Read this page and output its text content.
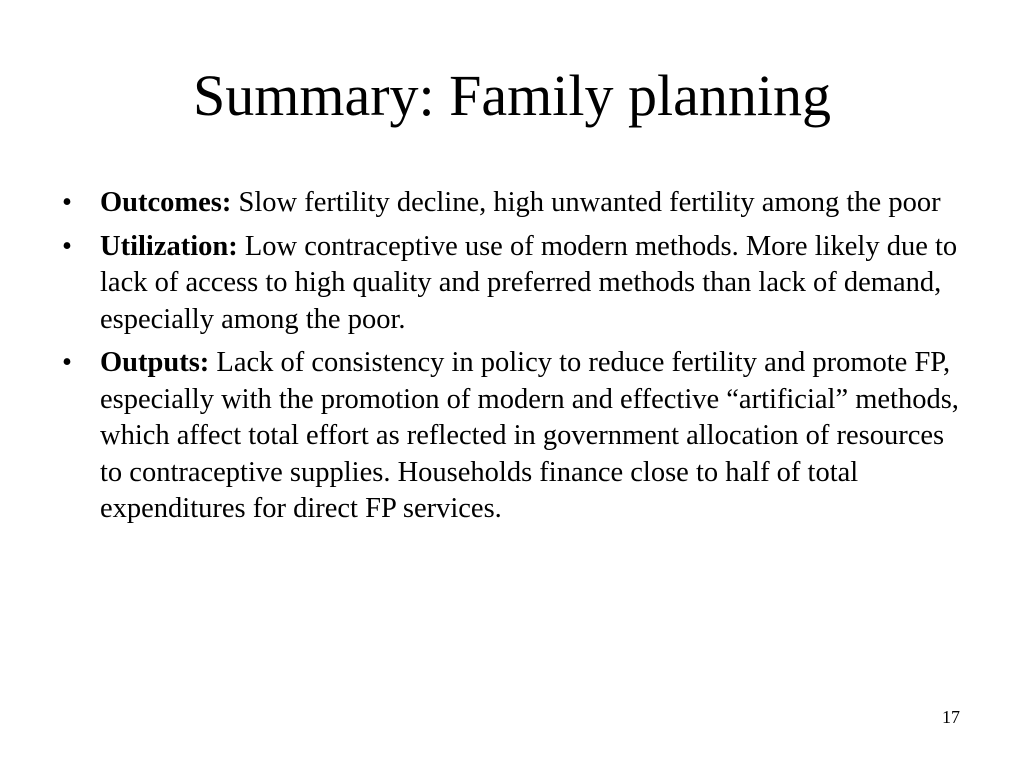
Summary: Family planning
• Outcomes: Slow fertility decline, high unwanted fertility among the poor
• Utilization: Low contraceptive use of modern methods. More likely due to lack of access to high quality and preferred methods than lack of demand, especially among the poor.
• Outputs: Lack of consistency in policy to reduce fertility and promote FP, especially with the promotion of modern and effective “artificial” methods, which affect total effort as reflected in government allocation of resources to contraceptive supplies. Households finance close to half of total expenditures for direct FP services.
17
